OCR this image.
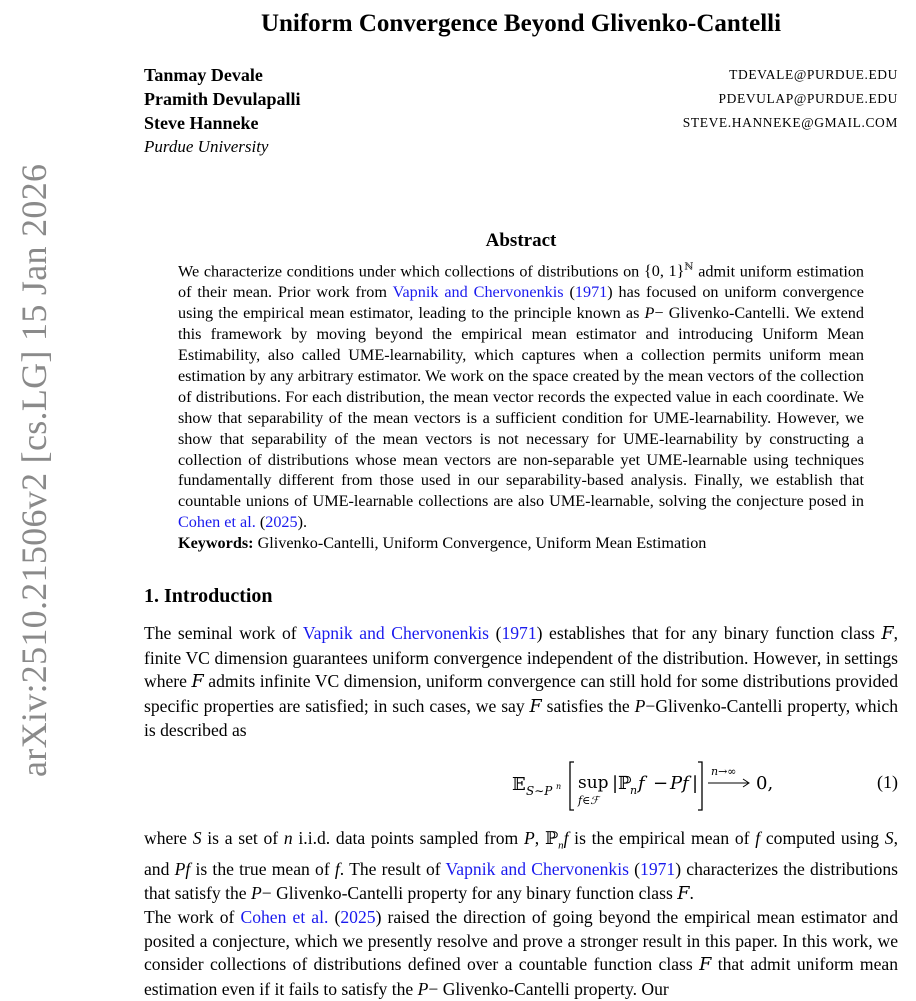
arXiv:2510.21506v2 [cs.LG] 15 Jan 2026
Uniform Convergence Beyond Glivenko-Cantelli
Tanmay Devale	TDEVALE@PURDUE.EDU
Pramith Devulapalli	PDEVULAP@PURDUE.EDU
Steve Hanneke	STEVE.HANNEKE@GMAIL.COM
Purdue University
Abstract

We characterize conditions under which collections of distributions on {0, 1}$^ℕ$ admit uniform estimation of their mean. Prior work from Vapnik and Chervonenkis (1971) has focused on uniform convergence using the empirical mean estimator, leading to the principle known as P− Glivenko-Cantelli. We extend this framework by moving beyond the empirical mean estimator and introducing Uniform Mean Estimability, also called UME-learnability, which captures when a collection permits uniform mean estimation by any arbitrary estimator. We work on the space created by the mean vectors of the collection of distributions. For each distribution, the mean vector records the expected value in each coordinate. We show that separability of the mean vectors is a sufficient condition for UME-learnability. However, we show that separability of the mean vectors is not necessary for UME-learnability by constructing a collection of distributions whose mean vectors are non-separable yet UME-learnable using techniques fundamentally different from those used in our separability-based analysis. Finally, we establish that countable unions of UME-learnable collections are also UME-learnable, solving the conjecture posed in Cohen et al. (2025).

Keywords: Glivenko-Cantelli, Uniform Convergence, Uniform Mean Estimation
1. Introduction

The seminal work of Vapnik and Chervonenkis (1971) establishes that for any binary function class F, finite VC dimension guarantees uniform convergence independent of the distribution. However, in settings where F admits infinite VC dimension, uniform convergence can still hold for some distributions provided specific properties are satisfied; in such cases, we say F satisfies the P−Glivenko-Cantelli property, which is described as

𝔼 S∼P n sup
f∈ℱ
| ℙ
n f − Pf |
n→∞
0,	(1)

where S is a set of n i.i.d. data points sampled from P, ℙ$_n$f is the empirical mean of f computed using S, and Pf is the true mean of f. The result of Vapnik and Chervonenkis (1971) characterizes the distributions that satisfy the P− Glivenko-Cantelli property for any binary function class F.

The work of Cohen et al. (2025) raised the direction of going beyond the empirical mean estimator and posited a conjecture, which we presently resolve and prove a stronger result in this paper. In this work, we consider collections of distributions defined over a countable function class F that admit uniform mean estimation even if it fails to satisfy the P− Glivenko-Cantelli property. Our
